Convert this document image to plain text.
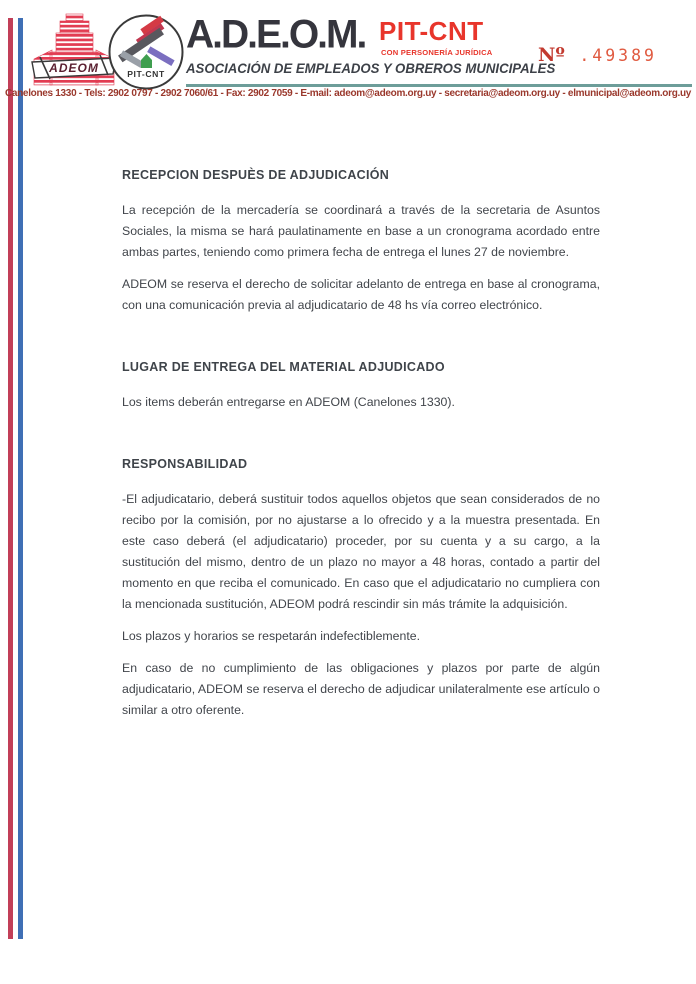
ADEOM	PIT-CNT
A.D.E.O.M. PIT-CNT
CON PERSONERÍA JURÍDICA
ASOCIACIÓN DE EMPLEADOS Y OBREROS MUNICIPALES
Nº .49389
Canelones 1330 - Tels: 2902 0797 - 2902 7060/61 - Fax: 2902 7059 - E-mail: adeom@adeom.org.uy - secretaria@adeom.org.uy - elmunicipal@adeom.org.uy
RECEPCION DESPUÈS DE ADJUDICACIÓN

La recepción de la mercadería se coordinará a través de la secretaria de Asuntos Sociales, la misma se hará paulatinamente en base a un cronograma acordado entre ambas partes, teniendo como primera fecha de entrega el lunes 27 de noviembre.

ADEOM se reserva el derecho de solicitar adelanto de entrega en base al cronograma, con una comunicación previa al adjudicatario de 48 hs vía correo electrónico.

LUGAR DE ENTREGA DEL MATERIAL ADJUDICADO

Los items deberán entregarse en ADEOM (Canelones 1330).

RESPONSABILIDAD

-El adjudicatario, deberá sustituir todos aquellos objetos que sean considerados de no recibo por la comisión, por no ajustarse a lo ofrecido y a la muestra presentada. En este caso deberá (el adjudicatario) proceder, por su cuenta y a su cargo, a la sustitución del mismo, dentro de un plazo no mayor a 48 horas, contado a partir del momento en que reciba el comunicado. En caso que el adjudicatario no cumpliera con la mencionada sustitución, ADEOM podrá rescindir sin más trámite la adquisición.

Los plazos y horarios se respetarán indefectiblemente.

En caso de no cumplimiento de las obligaciones y plazos por parte de algún adjudicatario, ADEOM se reserva el derecho de adjudicar unilateralmente ese artículo o similar a otro oferente.
